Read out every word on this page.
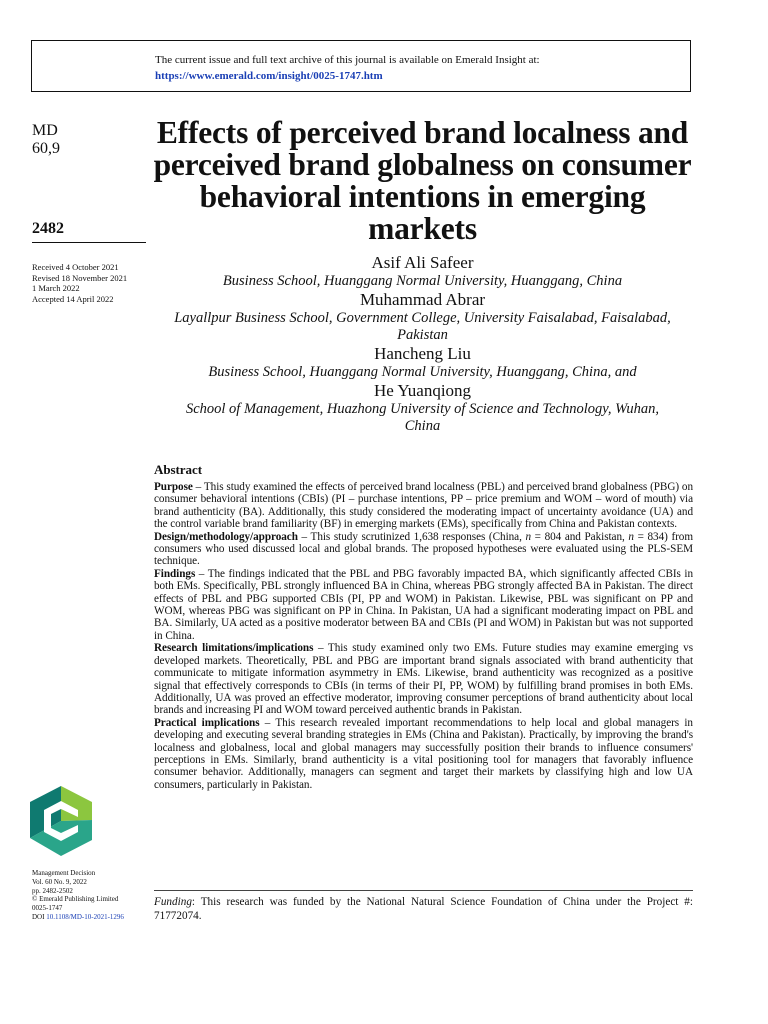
The current issue and full text archive of this journal is available on Emerald Insight at:
https://www.emerald.com/insight/0025-1747.htm
MD
60,9
2482
Received 4 October 2021
Revised 18 November 2021
1 March 2022
Accepted 14 April 2022
Effects of perceived brand localness and perceived brand globalness on consumer behavioral intentions in emerging markets
Asif Ali Safeer
Business School, Huanggang Normal University, Huanggang, China
Muhammad Abrar
Layallpur Business School, Government College, University Faisalabad, Faisalabad, Pakistan
Hancheng Liu
Business School, Huanggang Normal University, Huanggang, China, and
He Yuanqiong
School of Management, Huazhong University of Science and Technology, Wuhan, China
Abstract

Purpose – This study examined the effects of perceived brand localness (PBL) and perceived brand globalness (PBG) on consumer behavioral intentions (CBIs) (PI – purchase intentions, PP – price premium and WOM – word of mouth) via brand authenticity (BA). Additionally, this study considered the moderating impact of uncertainty avoidance (UA) and the control variable brand familiarity (BF) in emerging markets (EMs), specifically from China and Pakistan contexts.

Design/methodology/approach – This study scrutinized 1,638 responses (China, n = 804 and Pakistan, n = 834) from consumers who used discussed local and global brands. The proposed hypotheses were evaluated using the PLS-SEM technique.

Findings – The findings indicated that the PBL and PBG favorably impacted BA, which significantly affected CBIs in both EMs. Specifically, PBL strongly influenced BA in China, whereas PBG strongly affected BA in Pakistan. The direct effects of PBL and PBG supported CBIs (PI, PP and WOM) in Pakistan. Likewise, PBL was significant on PP and WOM, whereas PBG was significant on PP in China. In Pakistan, UA had a significant moderating impact on PBL and BA. Similarly, UA acted as a positive moderator between BA and CBIs (PI and WOM) in Pakistan but was not supported in China.

Research limitations/implications – This study examined only two EMs. Future studies may examine emerging vs developed markets. Theoretically, PBL and PBG are important brand signals associated with brand authenticity that communicate to mitigate information asymmetry in EMs. Likewise, brand authenticity was recognized as a positive signal that effectively corresponds to CBIs (in terms of their PI, PP, WOM) by fulfilling brand promises in both EMs. Additionally, UA was proved an effective moderator, improving consumer perceptions of brand authenticity about local brands and increasing PI and WOM toward perceived authentic brands in Pakistan.

Practical implications – This research revealed important recommendations to help local and global managers in developing and executing several branding strategies in EMs (China and Pakistan). Practically, by improving the brand's localness and globalness, local and global managers may successfully position their brands to influence consumers' perceptions in EMs. Similarly, brand authenticity is a vital positioning tool for managers that favorably influence consumer behavior. Additionally, managers can segment and target their markets by classifying high and low UA consumers, particularly in Pakistan.

Management Decision
Vol. 60 No. 9, 2022
pp. 2482-2502
© Emerald Publishing Limited
0025-1747
DOI 10.1108/MD-10-2021-1296
Funding: This research was funded by the National Natural Science Foundation of China under the Project #: 71772074.
